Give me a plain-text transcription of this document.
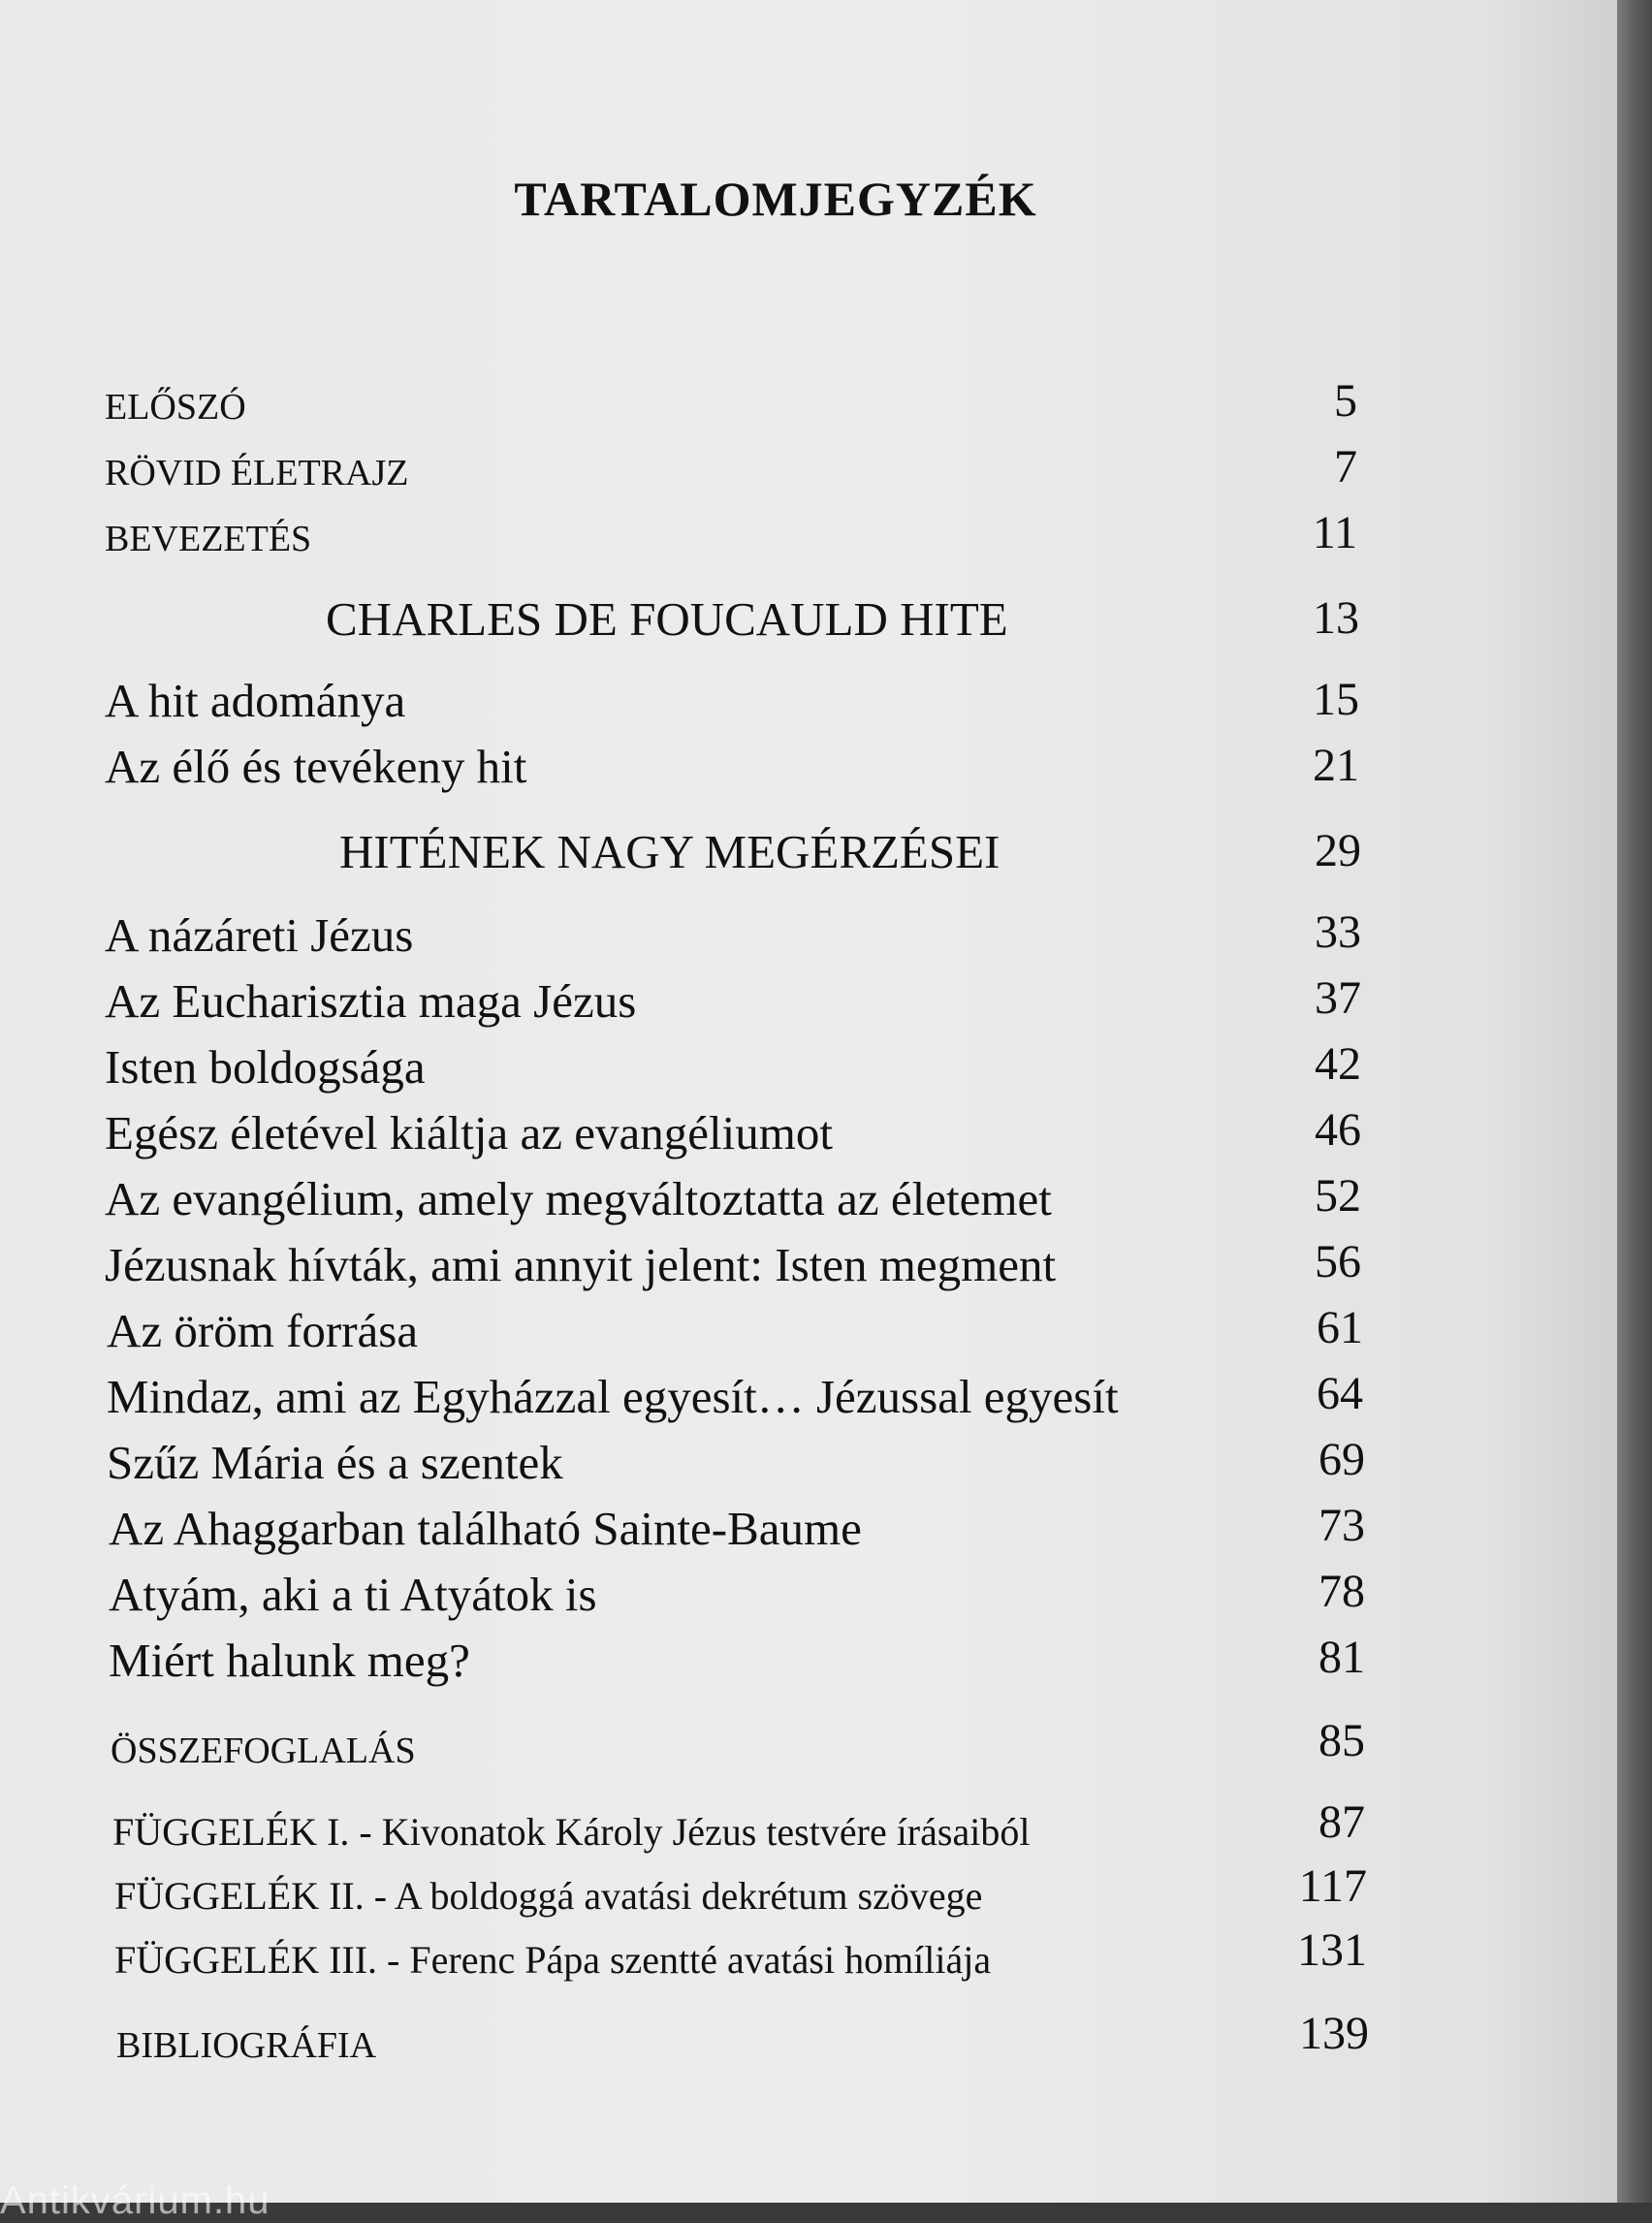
TARTALOMJEGYZÉK
ELŐSZÓ	5
RÖVID ÉLETRAJZ	7
BEVEZETÉS	11
CHARLES DE FOUCAULD HITE	13
A hit adománya	15
Az élő és tevékeny hit	21
HITÉNEK NAGY MEGÉRZÉSEI	29
A názáreti Jézus	33
Az Eucharisztia maga Jézus	37
Isten boldogsága	42
Egész életével kiáltja az evangéliumot	46
Az evangélium, amely megváltoztatta az életemet	52
Jézusnak hívták, ami annyit jelent: Isten megment	56
Az öröm forrása	61
Mindaz, ami az Egyházzal egyesít… Jézussal egyesít	64
Szűz Mária és a szentek	69
Az Ahaggarban található Sainte-Baume	73
Atyám, aki a ti Atyátok is	78
Miért halunk meg?	81
ÖSSZEFOGLALÁS	85
FÜGGELÉK I. - Kivonatok Károly Jézus testvére írásaiból	87
FÜGGELÉK II. - A boldoggá avatási dekrétum szövege	117
FÜGGELÉK III. - Ferenc Pápa szentté avatási homíliája	131
BIBLIOGRÁFIA	139
Antikvárium.hu
